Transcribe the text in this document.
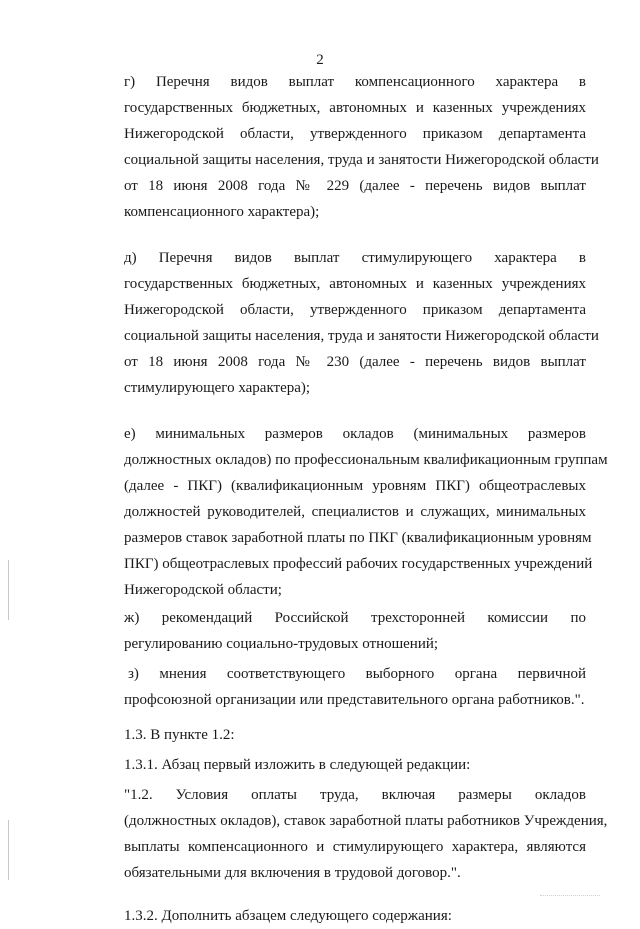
2
г) Перечня видов выплат компенсационного характера в
государственных бюджетных, автономных и казенных учреждениях
Нижегородской области, утвержденного приказом департамента
социальной защиты населения, труда и занятости Нижегородской области
от 18 июня 2008 года № 229 (далее - перечень видов выплат
компенсационного характера);
д) Перечня видов выплат стимулирующего характера в
государственных бюджетных, автономных и казенных учреждениях
Нижегородской области, утвержденного приказом департамента
социальной защиты населения, труда и занятости Нижегородской области
от 18 июня 2008 года № 230 (далее - перечень видов выплат
стимулирующего характера);
е) минимальных размеров окладов (минимальных размеров
должностных окладов) по профессиональным квалификационным группам
(далее - ПКГ) (квалификационным уровням ПКГ) общеотраслевых
должностей руководителей, специалистов и служащих, минимальных
размеров ставок заработной платы по ПКГ (квалификационным уровням
ПКГ) общеотраслевых профессий рабочих государственных учреждений
Нижегородской области;
ж) рекомендаций Российской трехсторонней комиссии по
регулированию социально-трудовых отношений;
з) мнения соответствующего выборного органа первичной
профсоюзной организации или представительного органа работников.".
1.3. В пункте 1.2:
1.3.1. Абзац первый изложить в следующей редакции:
"1.2. Условия оплаты труда, включая размеры окладов
(должностных окладов), ставок заработной платы работников Учреждения,
выплаты компенсационного и стимулирующего характера, являются
обязательными для включения в трудовой договор.".
1.3.2. Дополнить абзацем следующего содержания:
